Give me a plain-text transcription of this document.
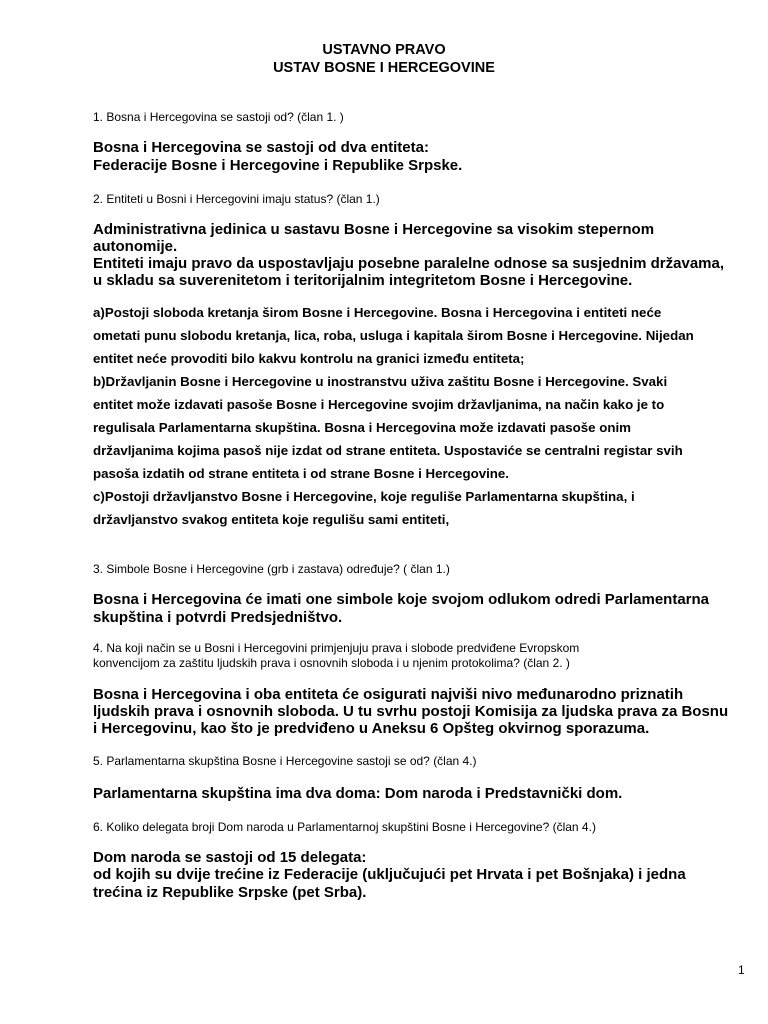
USTAVNO PRAVO
USTAV BOSNE I HERCEGOVINE
1. Bosna i Hercegovina se sastoji od? (član 1. )
Bosna i Hercegovina se sastoji od dva entiteta:
Federacije Bosne i Hercegovine i Republike Srpske.
2. Entiteti u Bosni i Hercegovini imaju status? (član 1.)
Administrativna jedinica u sastavu Bosne i Hercegovine sa visokim stepernom
autonomije.
Entiteti imaju pravo da uspostavljaju posebne paralelne odnose sa susjednim državama,
u skladu sa suverenitetom i teritorijalnim integritetom Bosne i Hercegovine.
a)Postoji sloboda kretanja širom Bosne i Hercegovine. Bosna i Hercegovina i entiteti neće
ometati punu slobodu kretanja, lica, roba, usluga i kapitala širom Bosne i Hercegovine. Nijedan
entitet neće provoditi bilo kakvu kontrolu na granici između entiteta;
b)Državljanin Bosne i Hercegovine u inostranstvu uživa zaštitu Bosne i Hercegovine. Svaki
entitet može izdavati pasoše Bosne i Hercegovine svojim državljanima, na način kako je to
regulisala Parlamentarna skupština. Bosna i Hercegovina može izdavati pasoše onim
državljanima kojima pasoš nije izdat od strane entiteta. Uspostaviće se centralni registar svih
pasoša izdatih od strane entiteta i od strane Bosne i Hercegovine.
c)Postoji državljanstvo Bosne i Hercegovine, koje reguliše Parlamentarna skupština, i
državljanstvo svakog entiteta koje regulišu sami entiteti,
3. Simbole Bosne i Hercegovine (grb i zastava) određuje? ( član 1.)
Bosna i Hercegovina će imati one simbole koje svojom odlukom odredi Parlamentarna
skupština i potvrdi Predsjedništvo.
4. Na koji način se u Bosni i Hercegovini primjenjuju prava i slobode predviđene Evropskom
konvencijom za zaštitu ljudskih prava i osnovnih sloboda i u njenim protokolima? (član 2. )
Bosna i Hercegovina i oba entiteta će osigurati najviši nivo međunarodno priznatih
ljudskih prava i osnovnih sloboda. U tu svrhu postoji Komisija za ljudska prava za Bosnu
i Hercegovinu, kao što je predviđeno u Aneksu 6 Opšteg okvirnog sporazuma.
5. Parlamentarna skupština Bosne i Hercegovine sastoji se od? (član 4.)
Parlamentarna skupština ima dva doma: Dom naroda i Predstavnički dom.
6. Koliko delegata broji Dom naroda u Parlamentarnoj skupštini Bosne i Hercegovine? (član 4.)
Dom naroda se sastoji od 15 delegata:
od kojih su dvije trećine iz Federacije (uključujući pet Hrvata i pet Bošnjaka) i jedna
trećina iz Republike Srpske (pet Srba).
1
